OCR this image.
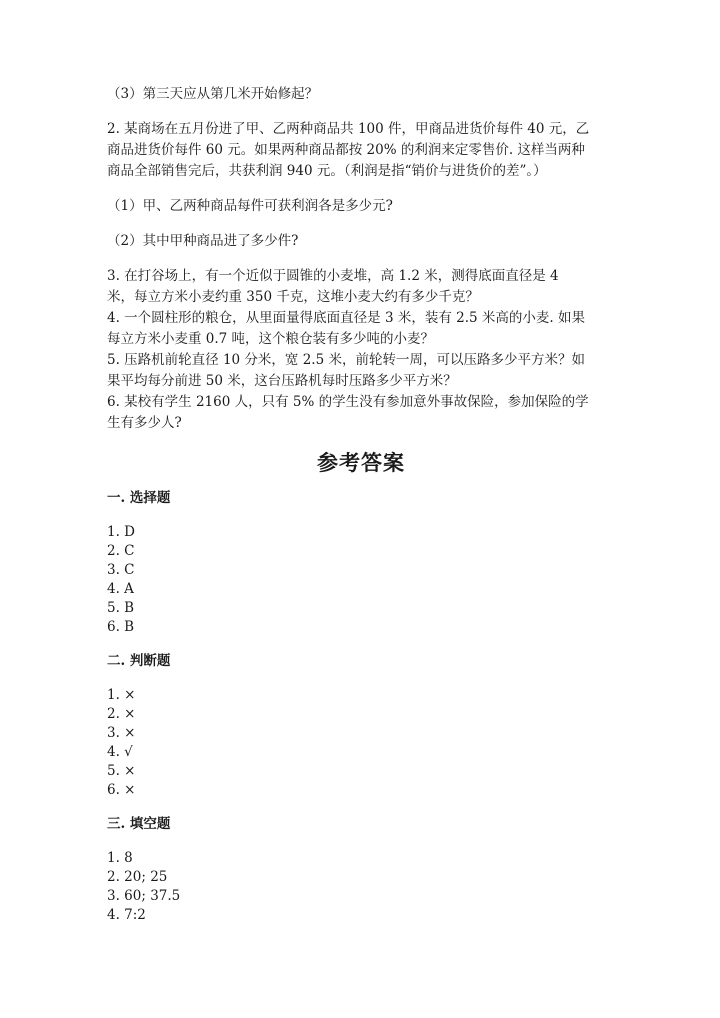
（3）第三天应从第几米开始修起？
2. 某商场在五月份进了甲、乙两种商品共 100 件，甲商品进货价每件 40 元，乙
商品进货价每件 60 元。如果两种商品都按 20% 的利润来定零售价. 这样当两种
商品全部销售完后，共获利润 940 元。（利润是指“销价与进货价的差”。）
（1）甲、乙两种商品每件可获利润各是多少元?
（2）其中甲种商品进了多少件?
3. 在打谷场上，有一个近似于圆锥的小麦堆，高 1.2 米，测得底面直径是 4
米，每立方米小麦约重 350 千克，这堆小麦大约有多少千克？
4. 一个圆柱形的粮仓，从里面量得底面直径是 3 米，装有 2.5 米高的小麦. 如果
每立方米小麦重 0.7 吨，这个粮仓装有多少吨的小麦？
5. 压路机前轮直径 10 分米，宽 2.5 米，前轮转一周，可以压路多少平方米？如
果平均每分前进 50 米，这台压路机每时压路多少平方米？
6. 某校有学生 2160 人，只有 5% 的学生没有参加意外事故保险，参加保险的学
生有多少人?
参考答案
一. 选择题
1. D
2. C
3. C
4. A
5. B
6. B
二. 判断题
1. ×
2. ×
3. ×
4. √
5. ×
6. ×
三. 填空题
1. 8
2. 20; 25
3. 60; 37.5
4. 7:2
